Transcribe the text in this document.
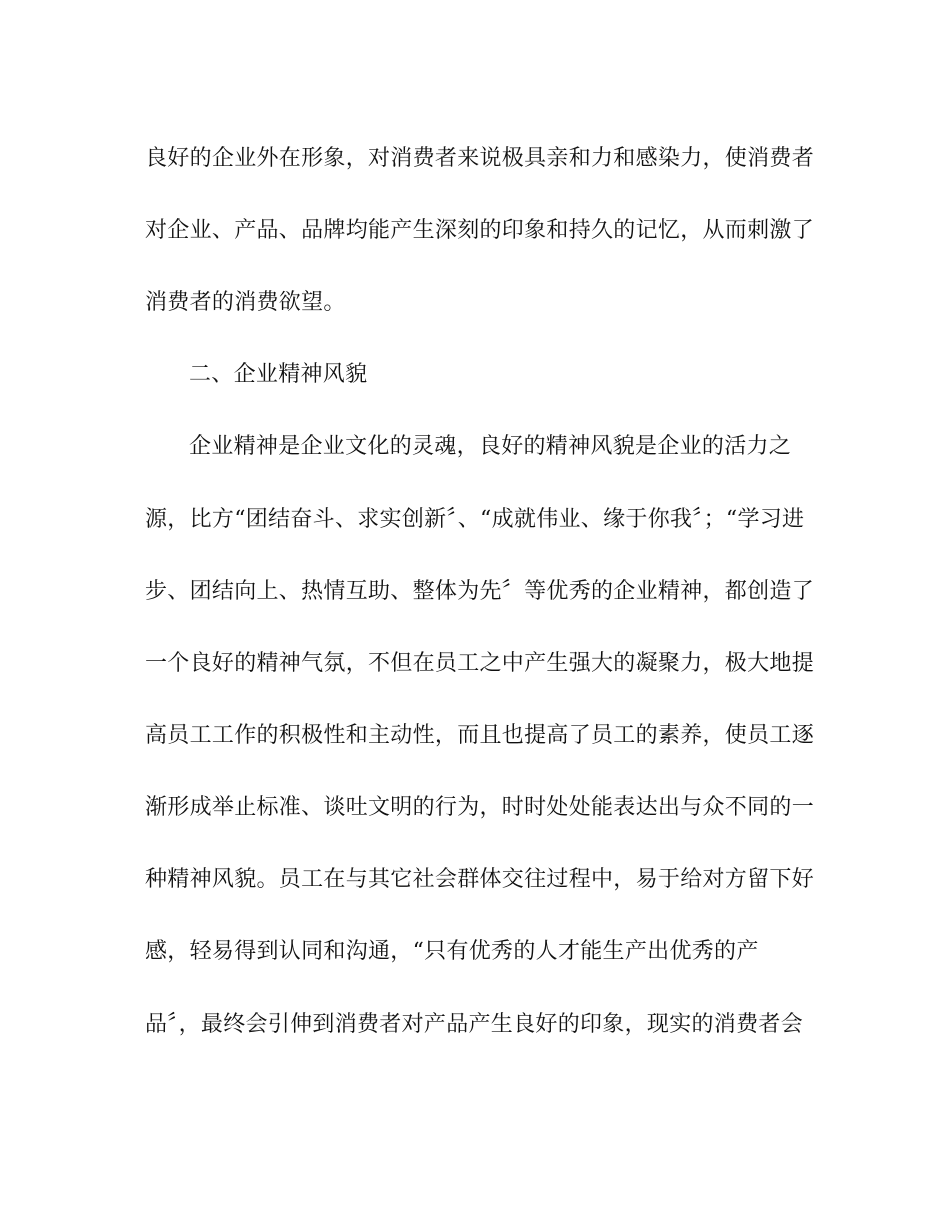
良好的企业外在形象，对消费者来说极具亲和力和感染力，使消费者
对企业、产品、品牌均能产生深刻的印象和持久的记忆，从而刺激了
消费者的消费欲望。
二、企业精神风貌
企业精神是企业文化的灵魂，良好的精神风貌是企业的活力之
源，比方“团结奋斗、求实创新〞、“成就伟业、缘于你我〞；“学习进
步、团结向上、热情互助、整体为先〞等优秀的企业精神，都创造了
一个良好的精神气氛，不但在员工之中产生强大的凝聚力，极大地提
高员工工作的积极性和主动性，而且也提高了员工的素养，使员工逐
渐形成举止标准、谈吐文明的行为，时时处处能表达出与众不同的一
种精神风貌。员工在与其它社会群体交往过程中，易于给对方留下好
感，轻易得到认同和沟通，“只有优秀的人才能生产出优秀的产
品〞，最终会引伸到消费者对产品产生良好的印象，现实的消费者会
